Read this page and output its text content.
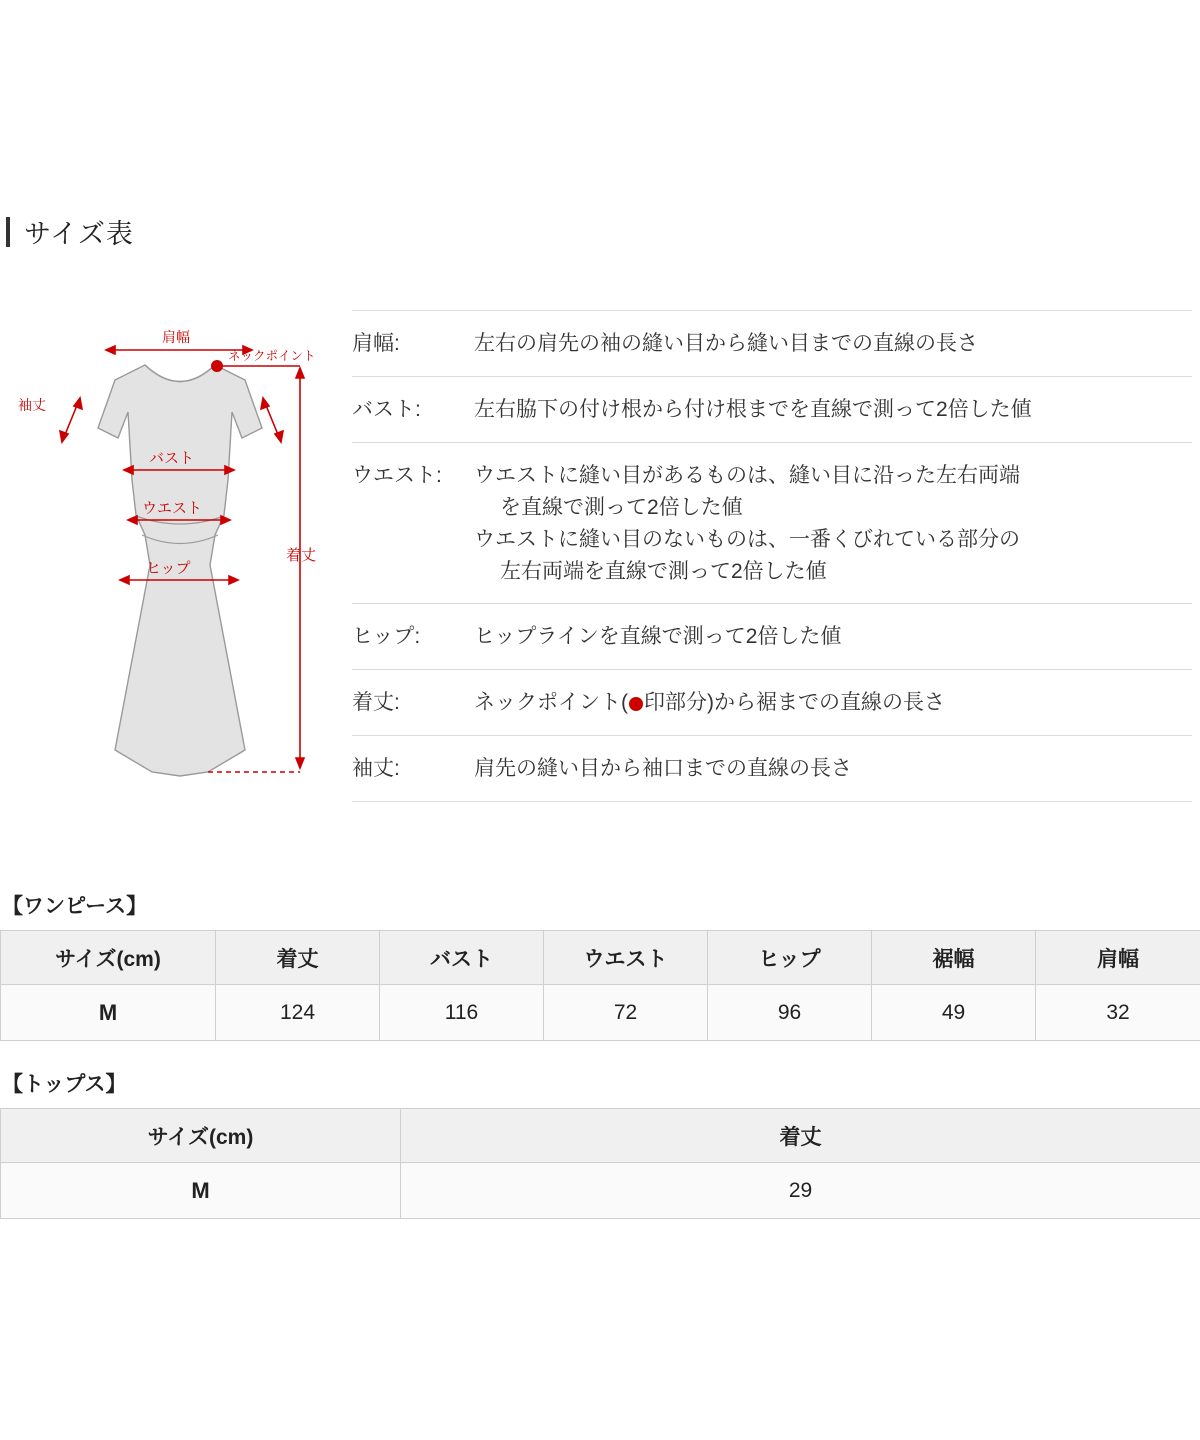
サイズ表
肩幅
ネックポイント
袖丈
バスト
ウエスト
ヒップ
着丈
肩幅:	左右の肩先の袖の縫い目から縫い目までの直線の長さ
バスト:	左右脇下の付け根から付け根までを直線で測って2倍した値
ウエスト:	ウエストに縫い目があるものは、縫い目に沿った左右両端
を直線で測って2倍した値
ウエストに縫い目のないものは、一番くびれている部分の
左右両端を直線で測って2倍した値
ヒップ:	ヒップラインを直線で測って2倍した値
着丈:	ネックポイント( 印部分)から裾までの直線の長さ
袖丈:	肩先の縫い目から袖口までの直線の長さ
【ワンピース】
サイズ(cm)	着丈	バスト	ウエスト	ヒップ	裾幅	肩幅
M	124	116	72	96	49	32
【トップス】
サイズ(cm)	着丈
M	29
